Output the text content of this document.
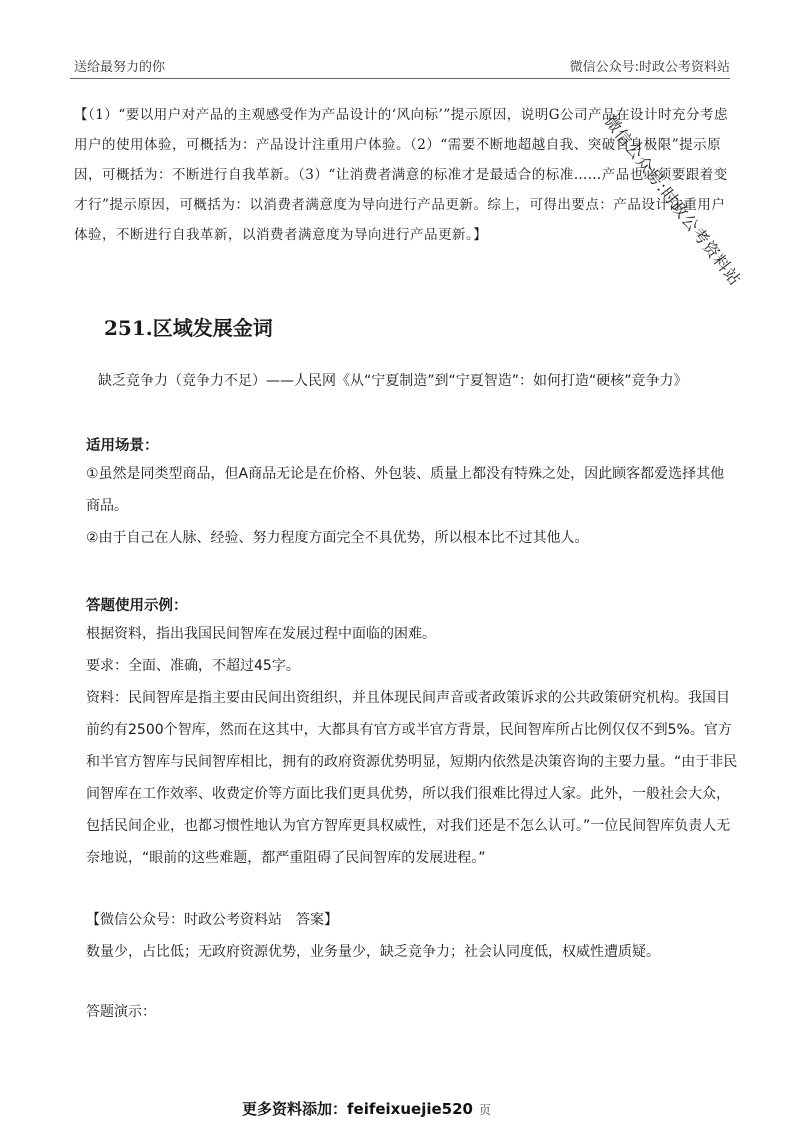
送给最努力的你	微信公众号:时政公考资料站
微信公众号:时政公考资料站

【（1）“要以用户对产品的主观感受作为产品设计的‘风向标’”提示原因，说明G公司产品在设计时充分考虑用户的使用体验，可概括为：产品设计注重用户体验。（2）“需要不断地超越自我、突破自身极限”提示原因，可概括为：不断进行自我革新。（3）“让消费者满意的标准才是最适合的标准……产品也必须要跟着变才行”提示原因，可概括为：以消费者满意度为导向进行产品更新。综上，可得出要点：产品设计注重用户体验，不断进行自我革新，以消费者满意度为导向进行产品更新。】

251.区域发展金词

缺乏竞争力（竞争力不足）——人民网《从“宁夏制造”到“宁夏智造”：如何打造“硬核”竞争力》

适用场景：

①虽然是同类型商品，但A商品无论是在价格、外包装、质量上都没有特殊之处，因此顾客都爱选择其他商品。

②由于自己在人脉、经验、努力程度方面完全不具优势，所以根本比不过其他人。

答题使用示例：

根据资料，指出我国民间智库在发展过程中面临的困难。

要求：全面、准确，不超过45字。

资料：民间智库是指主要由民间出资组织，并且体现民间声音或者政策诉求的公共政策研究机构。我国目前约有2500个智库，然而在这其中，大都具有官方或半官方背景，民间智库所占比例仅仅不到5%。官方和半官方智库与民间智库相比，拥有的政府资源优势明显，短期内依然是决策咨询的主要力量。“由于非民间智库在工作效率、收费定价等方面比我们更具优势，所以我们很难比得过人家。此外，一般社会大众，包括民间企业，也都习惯性地认为官方智库更具权威性，对我们还是不怎么认可。”一位民间智库负责人无奈地说，“眼前的这些难题，都严重阻碍了民间智库的发展进程。”

【微信公众号：时政公考资料站　答案】

数量少，占比低；无政府资源优势，业务量少，缺乏竞争力；社会认同度低，权威性遭质疑。

答题演示：

更多资料添加：feifeixuejie520 页
